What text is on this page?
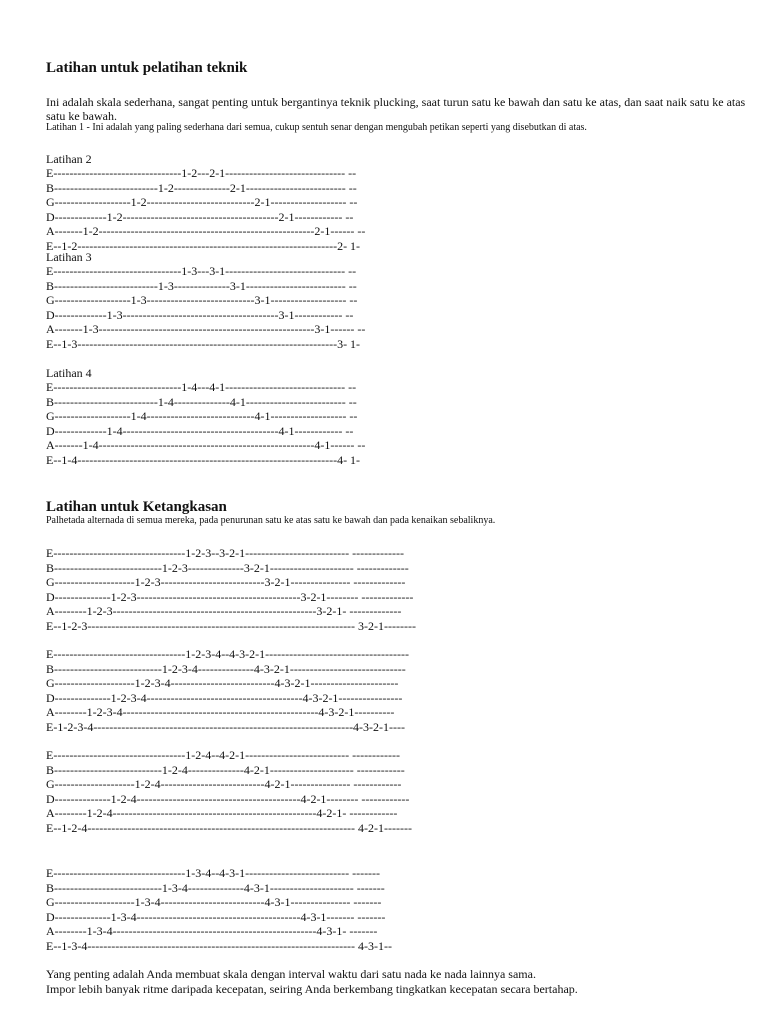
Latihan untuk pelatihan teknik
Ini adalah skala sederhana, sangat penting untuk bergantinya teknik plucking, saat turun satu ke bawah dan satu ke atas, dan saat naik satu ke atas satu ke bawah.
Latihan 1 - Ini adalah yang paling sederhana dari semua, cukup sentuh senar dengan mengubah petikan seperti yang disebutkan di atas.
Latihan 2
E--------------------------------1-2---2-1------------------------------ --
B--------------------------1-2--------------2-1------------------------- --
G-------------------1-2---------------------------2-1------------------- --
D-------------1-2---------------------------------------2-1------------ --
A-------1-2------------------------------------------------------2-1------ --
E--1-2-----------------------------------------------------------------2- 1-
Latihan 3
E--------------------------------1-3---3-1------------------------------ --
B--------------------------1-3--------------3-1------------------------- --
G-------------------1-3---------------------------3-1------------------- --
D-------------1-3---------------------------------------3-1------------ --
A-------1-3------------------------------------------------------3-1------ --
E--1-3-----------------------------------------------------------------3- 1-
Latihan 4
E--------------------------------1-4---4-1------------------------------ --
B--------------------------1-4--------------4-1------------------------- --
G-------------------1-4---------------------------4-1------------------- --
D-------------1-4---------------------------------------4-1------------ --
A-------1-4------------------------------------------------------4-1------ --
E--1-4-----------------------------------------------------------------4- 1-
Latihan untuk Ketangkasan
Palhetada alternada di semua mereka, pada penurunan satu ke atas satu ke bawah dan pada kenaikan sebaliknya.
E---------------------------------1-2-3--3-2-1-------------------------- -------------
B---------------------------1-2-3--------------3-2-1--------------------- -------------
G--------------------1-2-3--------------------------3-2-1--------------- -------------
D--------------1-2-3-----------------------------------------3-2-1-------- -------------
A--------1-2-3---------------------------------------------------3-2-1- -------------
E--1-2-3------------------------------------------------------------------- 3-2-1--------
E---------------------------------1-2-3-4--4-3-2-1------------------------------------
B---------------------------1-2-3-4--------------4-3-2-1-----------------------------
G--------------------1-2-3-4--------------------------4-3-2-1----------------------
D--------------1-2-3-4---------------------------------------4-3-2-1----------------
A--------1-2-3-4-------------------------------------------------4-3-2-1----------
E-1-2-3-4-----------------------------------------------------------------4-3-2-1----
E---------------------------------1-2-4--4-2-1-------------------------- ------------
B---------------------------1-2-4--------------4-2-1--------------------- ------------
G--------------------1-2-4--------------------------4-2-1--------------- ------------
D--------------1-2-4-----------------------------------------4-2-1-------- ------------
A--------1-2-4---------------------------------------------------4-2-1- ------------
E--1-2-4------------------------------------------------------------------- 4-2-1-------
E---------------------------------1-3-4--4-3-1-------------------------- -------
B---------------------------1-3-4--------------4-3-1--------------------- -------
G--------------------1-3-4--------------------------4-3-1--------------- -------
D--------------1-3-4-----------------------------------------4-3-1------- -------
A--------1-3-4---------------------------------------------------4-3-1- -------
E--1-3-4------------------------------------------------------------------- 4-3-1--
Yang penting adalah Anda membuat skala dengan interval waktu dari satu nada ke nada lainnya sama.
Impor lebih banyak ritme daripada kecepatan, seiring Anda berkembang tingkatkan kecepatan secara bertahap.
